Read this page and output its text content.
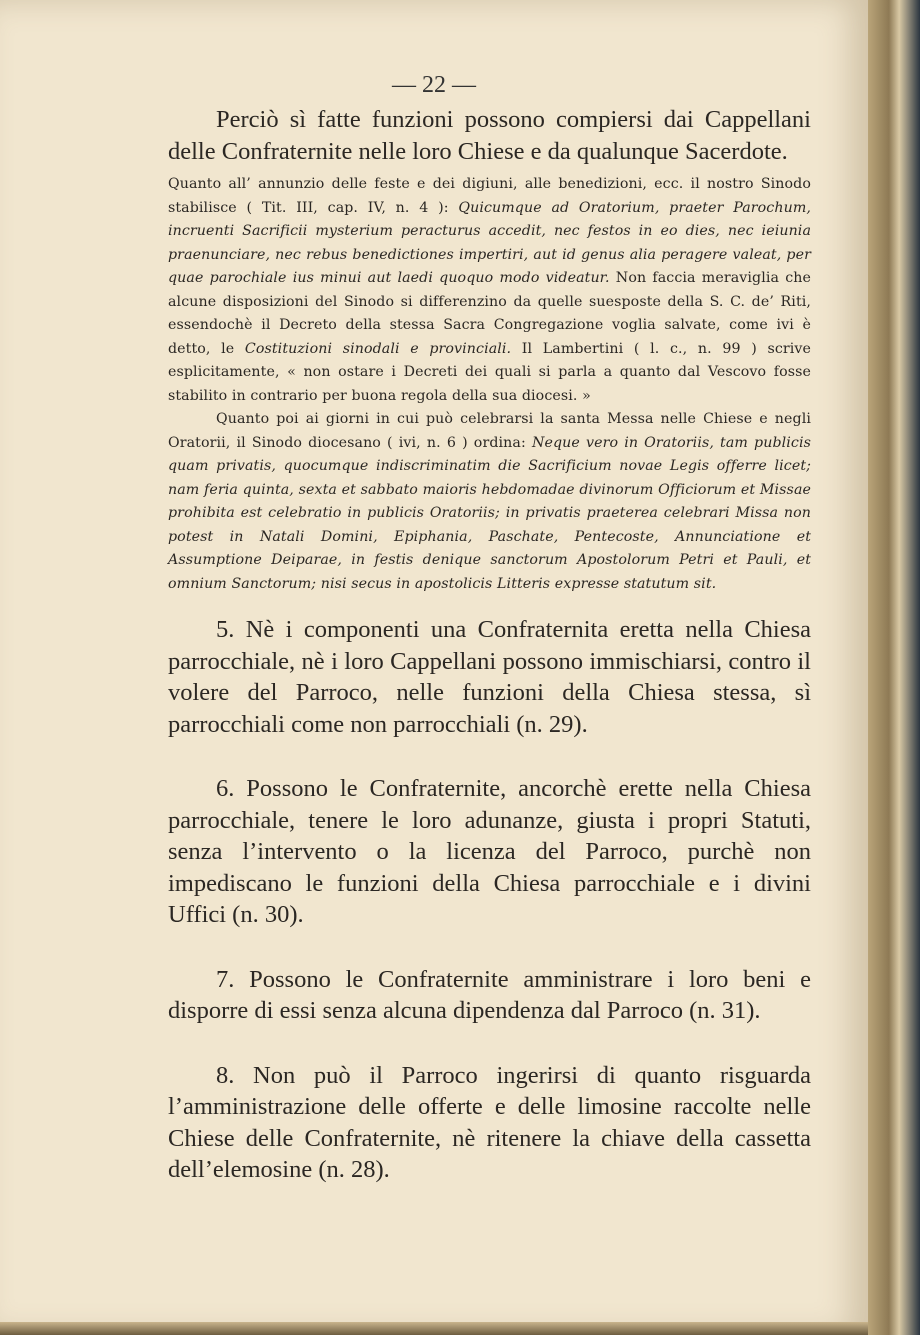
— 22 —

Perciò sì fatte funzioni possono compiersi dai Cappellani delle Confraternite nelle loro Chiese e da qualunque Sacerdote.

Quanto all’ annunzio delle feste e dei digiuni, alle benedizioni, ecc. il nostro Sinodo stabilisce ( Tit. III, cap. IV, n. 4 ): Quicumque ad Oratorium, praeter Parochum, incruenti Sacrificii mysterium peracturus accedit, nec festos in eo dies, nec ieiunia praenunciare, nec rebus benedictiones impertiri, aut id genus alia peragere valeat, per quae parochiale ius minui aut laedi quoquo modo videatur. Non faccia meraviglia che alcune disposizioni del Sinodo si differenzino da quelle suesposte della S. C. de’ Riti, essendochè il Decreto della stessa Sacra Congregazione voglia salvate, come ivi è detto, le Costituzioni sinodali e provinciali. Il Lambertini ( l. c., n. 99 ) scrive esplicitamente, « non ostare i Decreti dei quali si parla a quanto dal Vescovo fosse stabilito in contrario per buona regola della sua diocesi. »

Quanto poi ai giorni in cui può celebrarsi la santa Messa nelle Chiese e negli Oratorii, il Sinodo diocesano ( ivi, n. 6 ) ordina: Neque vero in Oratoriis, tam publicis quam privatis, quocumque indiscriminatim die Sacrificium novae Legis offerre licet; nam feria quinta, sexta et sabbato maioris hebdomadae divinorum Officiorum et Missae prohibita est celebratio in publicis Oratoriis; in privatis praeterea celebrari Missa non potest in Natali Domini, Epiphania, Paschate, Pentecoste, Annunciatione et Assumptione Deiparae, in festis denique sanctorum Apostolorum Petri et Pauli, et omnium Sanctorum; nisi secus in apostolicis Litteris expresse statutum sit.

5. Nè i componenti una Confraternita eretta nella Chiesa parrocchiale, nè i loro Cappellani possono immischiarsi, contro il volere del Parroco, nelle funzioni della Chiesa stessa, sì parrocchiali come non parrocchiali (n. 29).

6. Possono le Confraternite, ancorchè erette nella Chiesa parrocchiale, tenere le loro adunanze, giusta i propri Statuti, senza l’intervento o la licenza del Parroco, purchè non impediscano le funzioni della Chiesa parrocchiale e i divini Uffici (n. 30).

7. Possono le Confraternite amministrare i loro beni e disporre di essi senza alcuna dipendenza dal Parroco (n. 31).

8. Non può il Parroco ingerirsi di quanto risguarda l’amministrazione delle offerte e delle limosine raccolte nelle Chiese delle Confraternite, nè ritenere la chiave della cassetta dell’elemosine (n. 28).
